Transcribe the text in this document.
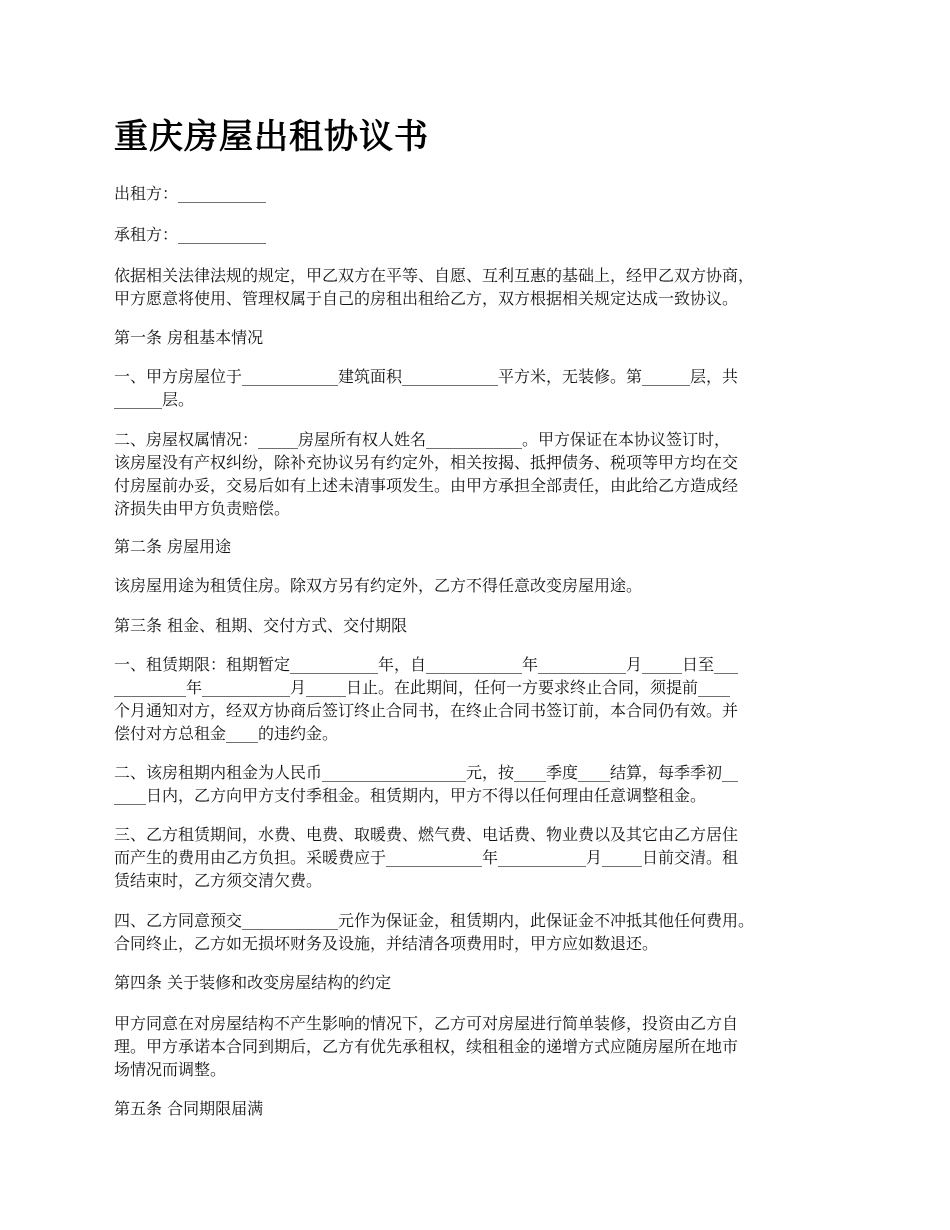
重庆房屋出租协议书

出租方：___________

承租方：___________

依据相关法律法规的规定，甲乙双方在平等、自愿、互利互惠的基础上，经甲乙双方协商，
甲方愿意将使用、管理权属于自己的房租出租给乙方，双方根据相关规定达成一致协议。

第一条 房租基本情况

一、甲方房屋位于____________建筑面积____________平方米，无装修。第______层，共
______层。

二、房屋权属情况：_____房屋所有权人姓名____________。甲方保证在本协议签订时，
该房屋没有产权纠纷，除补充协议另有约定外，相关按揭、抵押债务、税项等甲方均在交
付房屋前办妥，交易后如有上述未清事项发生。由甲方承担全部责任，由此给乙方造成经
济损失由甲方负责赔偿。

第二条 房屋用途

该房屋用途为租赁住房。除双方另有约定外，乙方不得任意改变房屋用途。

第三条 租金、租期、交付方式、交付期限

一、租赁期限：租期暂定___________年，自____________年___________月_____日至___
_________年___________月_____日止。在此期间，任何一方要求终止合同，须提前____
个月通知对方，经双方协商后签订终止合同书，在终止合同书签订前，本合同仍有效。并
偿付对方总租金____的违约金。

二、该房租期内租金为人民币__________________元，按____季度____结算，每季季初__
____日内，乙方向甲方支付季租金。租赁期内，甲方不得以任何理由任意调整租金。

三、乙方租赁期间，水费、电费、取暖费、燃气费、电话费、物业费以及其它由乙方居住
而产生的费用由乙方负担。采暖费应于____________年___________月_____日前交清。租
赁结束时，乙方须交清欠费。

四、乙方同意预交____________元作为保证金，租赁期内，此保证金不冲抵其他任何费用。
合同终止，乙方如无损坏财务及设施，并结清各项费用时，甲方应如数退还。

第四条 关于装修和改变房屋结构的约定

甲方同意在对房屋结构不产生影响的情况下，乙方可对房屋进行简单装修，投资由乙方自
理。甲方承诺本合同到期后，乙方有优先承租权，续租租金的递增方式应随房屋所在地市
场情况而调整。

第五条 合同期限届满
